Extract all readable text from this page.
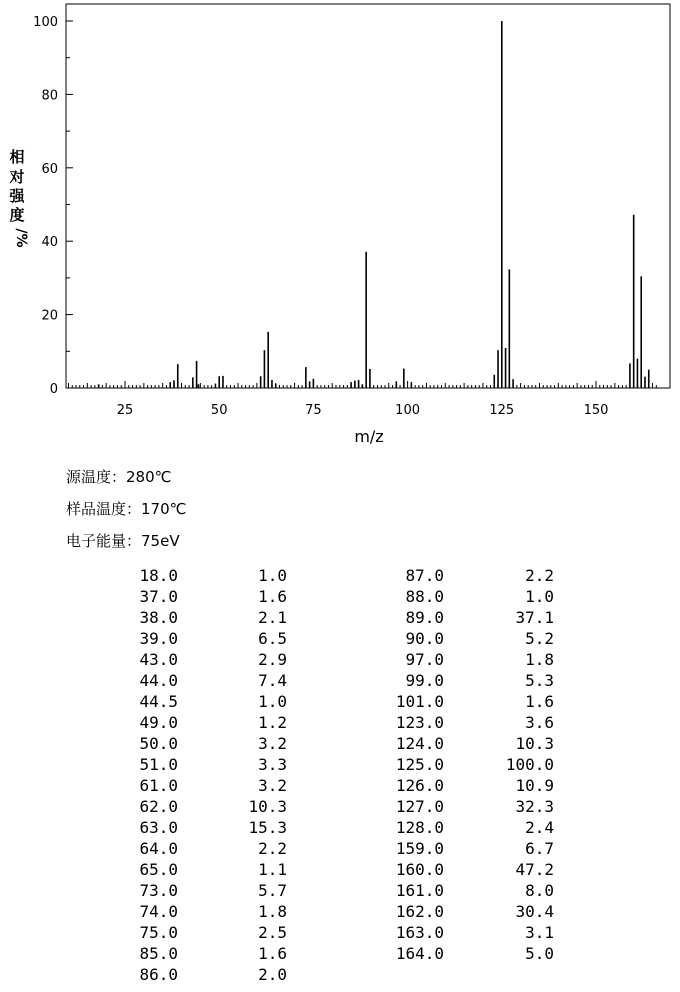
25	50	75	100	125	150
0
20
40
60
80
100
m/z
相
对
强
度
/%
源温度：280℃
样品温度：170℃
电子能量：75eV
18.0	1.0
37.0	1.6
38.0	2.1
39.0	6.5
43.0	2.9
44.0	7.4
44.5	1.0
49.0	1.2
50.0	3.2
51.0	3.3
61.0	3.2
62.0	10.3
63.0	15.3
64.0	2.2
65.0	1.1
73.0	5.7
74.0	1.8
75.0	2.5
85.0	1.6
86.0	2.0
87.0	2.2
88.0	1.0
89.0	37.1
90.0	5.2
97.0	1.8
99.0	5.3
101.0	1.6
123.0	3.6
124.0	10.3
125.0	100.0
126.0	10.9
127.0	32.3
128.0	2.4
159.0	6.7
160.0	47.2
161.0	8.0
162.0	30.4
163.0	3.1
164.0	5.0
